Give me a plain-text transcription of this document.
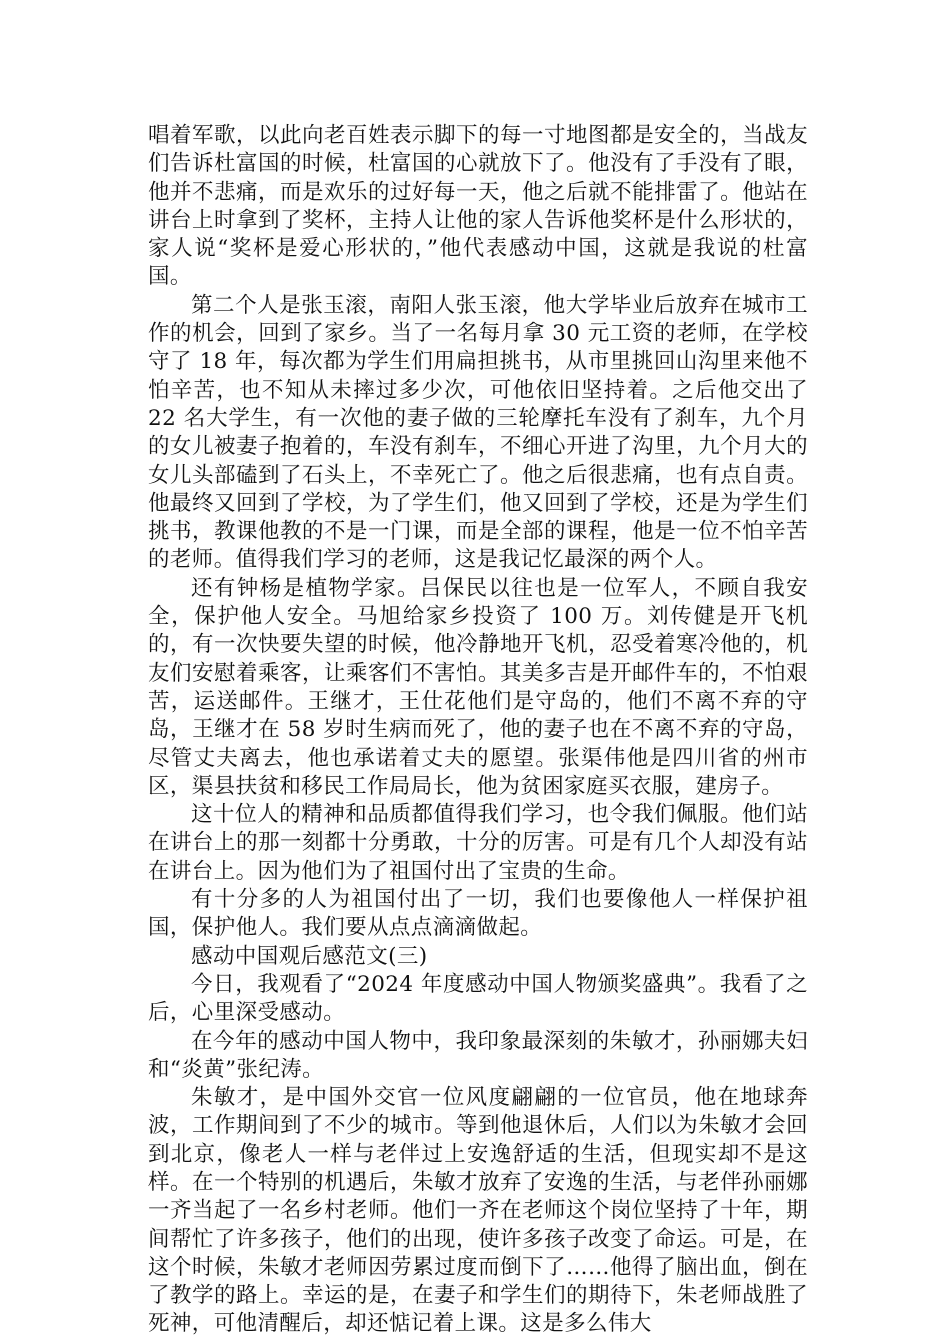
唱着军歌，以此向老百姓表示脚下的每一寸地图都是安全的，当战友们告诉杜富国的时候，杜富国的心就放下了。他没有了手没有了眼，他并不悲痛，而是欢乐的过好每一天，他之后就不能排雷了。他站在讲台上时拿到了奖杯，主持人让他的家人告诉他奖杯是什么形状的，家人说“奖杯是爱心形状的，”他代表感动中国，这就是我说的杜富国。

第二个人是张玉滚，南阳人张玉滚，他大学毕业后放弃在城市工作的机会，回到了家乡。当了一名每月拿 30 元工资的老师，在学校守了 18 年，每次都为学生们用扁担挑书，从市里挑回山沟里来他不怕辛苦，也不知从未摔过多少次，可他依旧坚持着。之后他交出了 22 名大学生，有一次他的妻子做的三轮摩托车没有了刹车，九个月的女儿被妻子抱着的，车没有刹车，不细心开进了沟里，九个月大的女儿头部磕到了石头上，不幸死亡了。他之后很悲痛，也有点自责。他最终又回到了学校，为了学生们，他又回到了学校，还是为学生们挑书，教课他教的不是一门课，而是全部的课程，他是一位不怕辛苦的老师。值得我们学习的老师，这是我记忆最深的两个人。

还有钟杨是植物学家。吕保民以往也是一位军人，不顾自我安全，保护他人安全。马旭给家乡投资了 100 万。刘传健是开飞机的，有一次快要失望的时候，他冷静地开飞机，忍受着寒冷他的，机友们安慰着乘客，让乘客们不害怕。其美多吉是开邮件车的，不怕艰苦，运送邮件。王继才，王仕花他们是守岛的，他们不离不弃的守岛，王继才在 58 岁时生病而死了，他的妻子也在不离不弃的守岛，尽管丈夫离去，他也承诺着丈夫的愿望。张渠伟他是四川省的州市区，渠县扶贫和移民工作局局长，他为贫困家庭买衣服，建房子。

这十位人的精神和品质都值得我们学习，也令我们佩服。他们站在讲台上的那一刻都十分勇敢，十分的厉害。可是有几个人却没有站在讲台上。因为他们为了祖国付出了宝贵的生命。

有十分多的人为祖国付出了一切，我们也要像他人一样保护祖国，保护他人。我们要从点点滴滴做起。

感动中国观后感范文(三)

今日，我观看了“2024 年度感动中国人物颁奖盛典”。我看了之后，心里深受感动。

在今年的感动中国人物中，我印象最深刻的朱敏才，孙丽娜夫妇和“炎黄”张纪涛。

朱敏才，是中国外交官一位风度翩翩的一位官员，他在地球奔波，工作期间到了不少的城市。等到他退休后，人们以为朱敏才会回到北京，像老人一样与老伴过上安逸舒适的生活，但现实却不是这样。在一个特别的机遇后，朱敏才放弃了安逸的生活，与老伴孙丽娜一齐当起了一名乡村老师。他们一齐在老师这个岗位坚持了十年，期间帮忙了许多孩子，他们的出现，使许多孩子改变了命运。可是，在这个时候，朱敏才老师因劳累过度而倒下了……他得了脑出血，倒在了教学的路上。幸运的是，在妻子和学生们的期待下，朱老师战胜了死神，可他清醒后，却还惦记着上课。这是多么伟大
